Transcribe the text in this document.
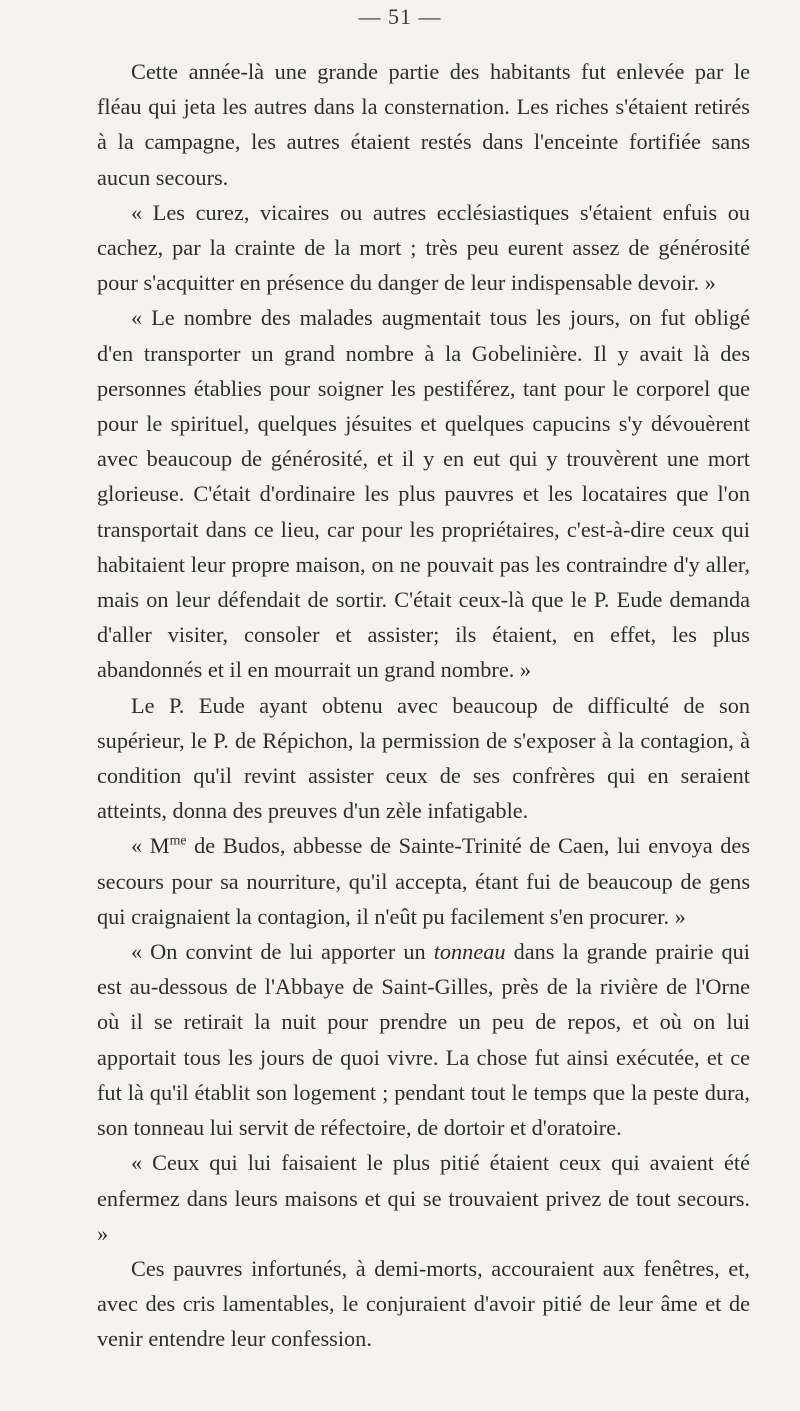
— 51 —

Cette année-là une grande partie des habitants fut enlevée par le fléau qui jeta les autres dans la consternation. Les riches s'étaient retirés à la campagne, les autres étaient restés dans l'enceinte fortifiée sans aucun secours.

« Les curez, vicaires ou autres ecclésiastiques s'étaient enfuis ou cachez, par la crainte de la mort ; très peu eurent assez de générosité pour s'acquitter en présence du danger de leur indispensable devoir. »

« Le nombre des malades augmentait tous les jours, on fut obligé d'en transporter un grand nombre à la Gobelinière. Il y avait là des personnes établies pour soigner les pestiférez, tant pour le corporel que pour le spirituel, quelques jésuites et quelques capucins s'y dévouèrent avec beaucoup de générosité, et il y en eut qui y trouvèrent une mort glorieuse. C'était d'ordinaire les plus pauvres et les locataires que l'on transportait dans ce lieu, car pour les propriétaires, c'est-à-dire ceux qui habitaient leur propre maison, on ne pouvait pas les contraindre d'y aller, mais on leur défendait de sortir. C'était ceux-là que le P. Eude demanda d'aller visiter, consoler et assister; ils étaient, en effet, les plus abandonnés et il en mourrait un grand nombre. »

Le P. Eude ayant obtenu avec beaucoup de difficulté de son supérieur, le P. de Répichon, la permission de s'exposer à la contagion, à condition qu'il revint assister ceux de ses confrères qui en seraient atteints, donna des preuves d'un zèle infatigable.

« $M^{me}$ de Budos, abbesse de Sainte-Trinité de Caen, lui envoya des secours pour sa nourriture, qu'il accepta, étant fui de beaucoup de gens qui craignaient la contagion, il n'eût pu facilement s'en procurer. »

« On convint de lui apporter un tonneau dans la grande prairie qui est au-dessous de l'Abbaye de Saint-Gilles, près de la rivière de l'Orne où il se retirait la nuit pour prendre un peu de repos, et où on lui apportait tous les jours de quoi vivre. La chose fut ainsi exécutée, et ce fut là qu'il établit son logement ; pendant tout le temps que la peste dura, son tonneau lui servit de réfectoire, de dortoir et d'oratoire.

« Ceux qui lui faisaient le plus pitié étaient ceux qui avaient été enfermez dans leurs maisons et qui se trouvaient privez de tout secours. »

Ces pauvres infortunés, à demi-morts, accouraient aux fenêtres, et, avec des cris lamentables, le conjuraient d'avoir pitié de leur âme et de venir entendre leur confession.
